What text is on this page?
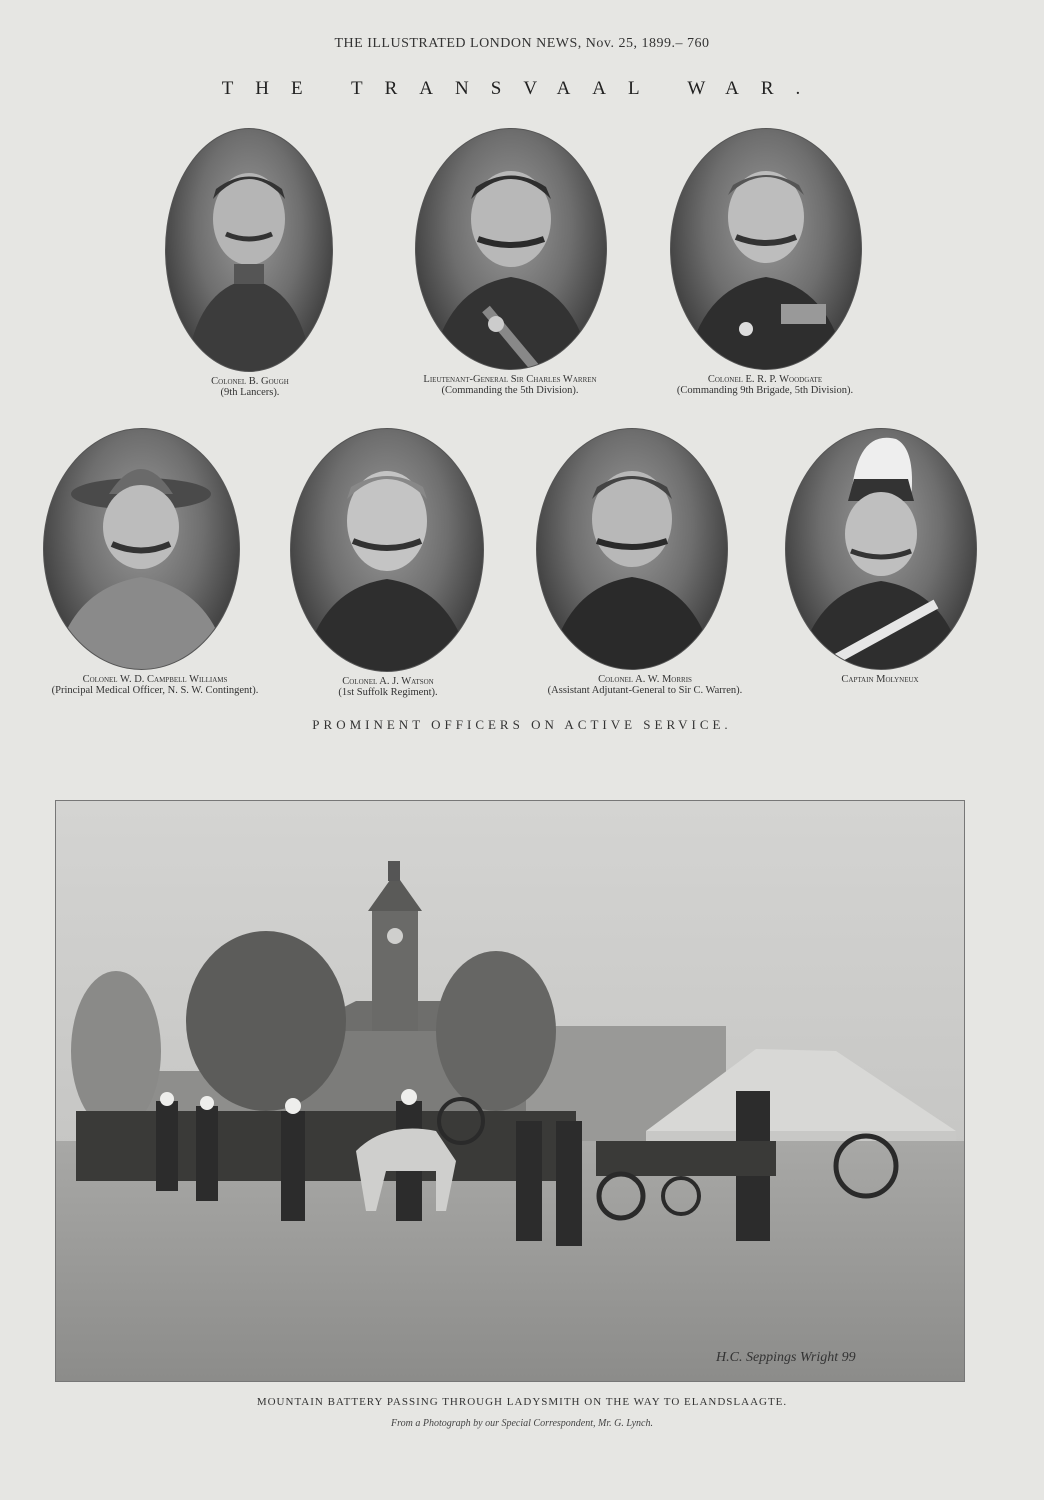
THE ILLUSTRATED LONDON NEWS, Nov. 25, 1899.– 760
THE TRANSVAAL WAR.
Colonel B. Gough
(9th Lancers).
Lieutenant-General Sir Charles Warren
(Commanding the 5th Division).
Colonel E. R. P. Woodgate
(Commanding 9th Brigade, 5th Division).
Colonel W. D. Campbell Williams
(Principal Medical Officer, N. S. W. Contingent).
Colonel A. J. Watson
(1st Suffolk Regiment).
Colonel A. W. Morris
(Assistant Adjutant-General to Sir C. Warren).
Captain Molyneux
PROMINENT OFFICERS ON ACTIVE SERVICE.
H.C. Seppings Wright 99
MOUNTAIN BATTERY PASSING THROUGH LADYSMITH ON THE WAY TO ELANDSLAAGTE.
From a Photograph by our Special Correspondent, Mr. G. Lynch.
